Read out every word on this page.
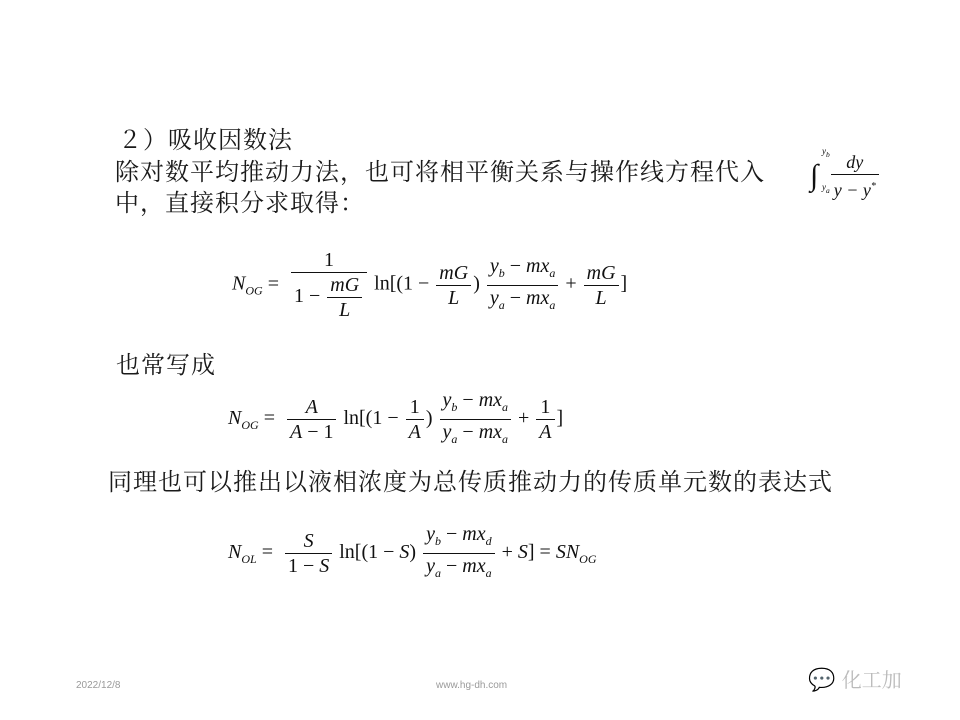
２）吸收因数法
除对数平均推动力法，也可将相平衡关系与操作线方程代入
中，直接积分求取得：
∫
$y_b$
$y_a \frac{dy}{y - y^*}$
$N_{OG} = \frac{1}{1 - \frac{mG}{L}} \ln[(1 - \frac{mG}{L}$ ) $\frac{y_b - mx_a}{y_a - mx_a} + \frac{mG}{L}$ ]
也常写成
$N_{OG} = \frac{A}{A - 1} \ln[(1 - \frac{1}{A}$ ) $\frac{y_b - mx_a}{y_a - mx_a} + \frac{1}{A}$ ]
同理也可以推出以液相浓度为总传质推动力的传质单元数的表达式
$N_{OL} = \frac{S}{1 - S} \ln[(1 - S) \frac{y_b - mx_d}{y_a - mx_a} + S] = SN_{OG}$
2022/12/8	www.hg-dh.com	💬 化工加
